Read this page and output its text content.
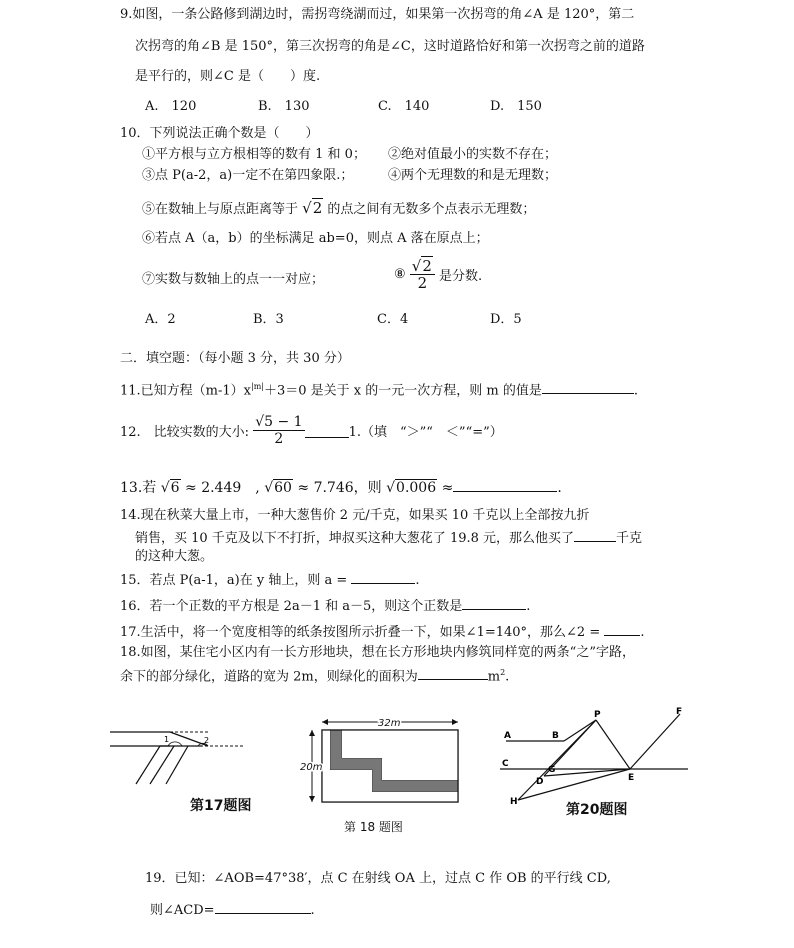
9.如图，一条公路修到湖边时，需拐弯绕湖而过，如果第一次拐弯的角∠A 是 120°，第二
次拐弯的角∠B 是 150°，第三次拐弯的角是∠C，这时道路恰好和第一次拐弯之前的道路
是平行的，则∠C 是（　　）度.
A.　120	B.　130	C.　140	D.　150
10．下列说法正确个数是（　　）
①平方根与立方根相等的数有 1 和 0； ②绝对值最小的实数不存在；
③点 P(a-2，a)一定不在第四象限.；	④两个无理数的和是无理数；
⑤在数轴上与原点距离等于 √2 的点之间有无数多个点表示无理数；
⑥若点 A（a，b）的坐标满足 ab=0，则点 A 落在原点上；
⑦实数与数轴上的点一一对应；	⑧ $\frac{√2}{2}$ 是分数.
A．2	B．3	C．4	D．5
二．填空题：（每小题 3 分，共 30 分）
11.已知方程$(m-1)x^{|m|}+3=0$ 是关于 x 的一元一次方程，则 m 的值是	.
12.　比较实数的大小: $\frac{√5 - 1}{2}$	1.（填　“＞”“　＜”“=”）
13.若 √6 ≈ 2.449　, √60 ≈ 7.746，则 √0.006 ≈	.
14.现在秋菜大量上市，一种大葱售价 2 元/千克，如果买 10 千克以上全部按九折
销售，买 10 千克及以下不打折，坤叔买这种大葱花了 19.8 元，那么他买了	千克
的这种大葱。
15．若点 P(a-1，a)在 y 轴上，则 a =	.
16．若一个正数的平方根是 2a－1 和 a－5，则这个正数是	.
17.生活中，将一个宽度相等的纸条按图所示折叠一下，如果∠1=140°，那么∠2 =	.
18.如图，某住宅小区内有一长方形地块，想在长方形地块内修筑同样宽的两条“之”字路，
余下的部分绿化，道路的宽为 2m，则绿化的面积为	$m^2$.
1	2
第17题图
32m
20m
第 18 题图
A	B
P	F
C
G
D	E
H	第20题图
19．已知：∠AOB=47°38′，点 C 在射线 OA 上，过点 C 作 OB 的平行线 CD,
则∠ACD=	.
